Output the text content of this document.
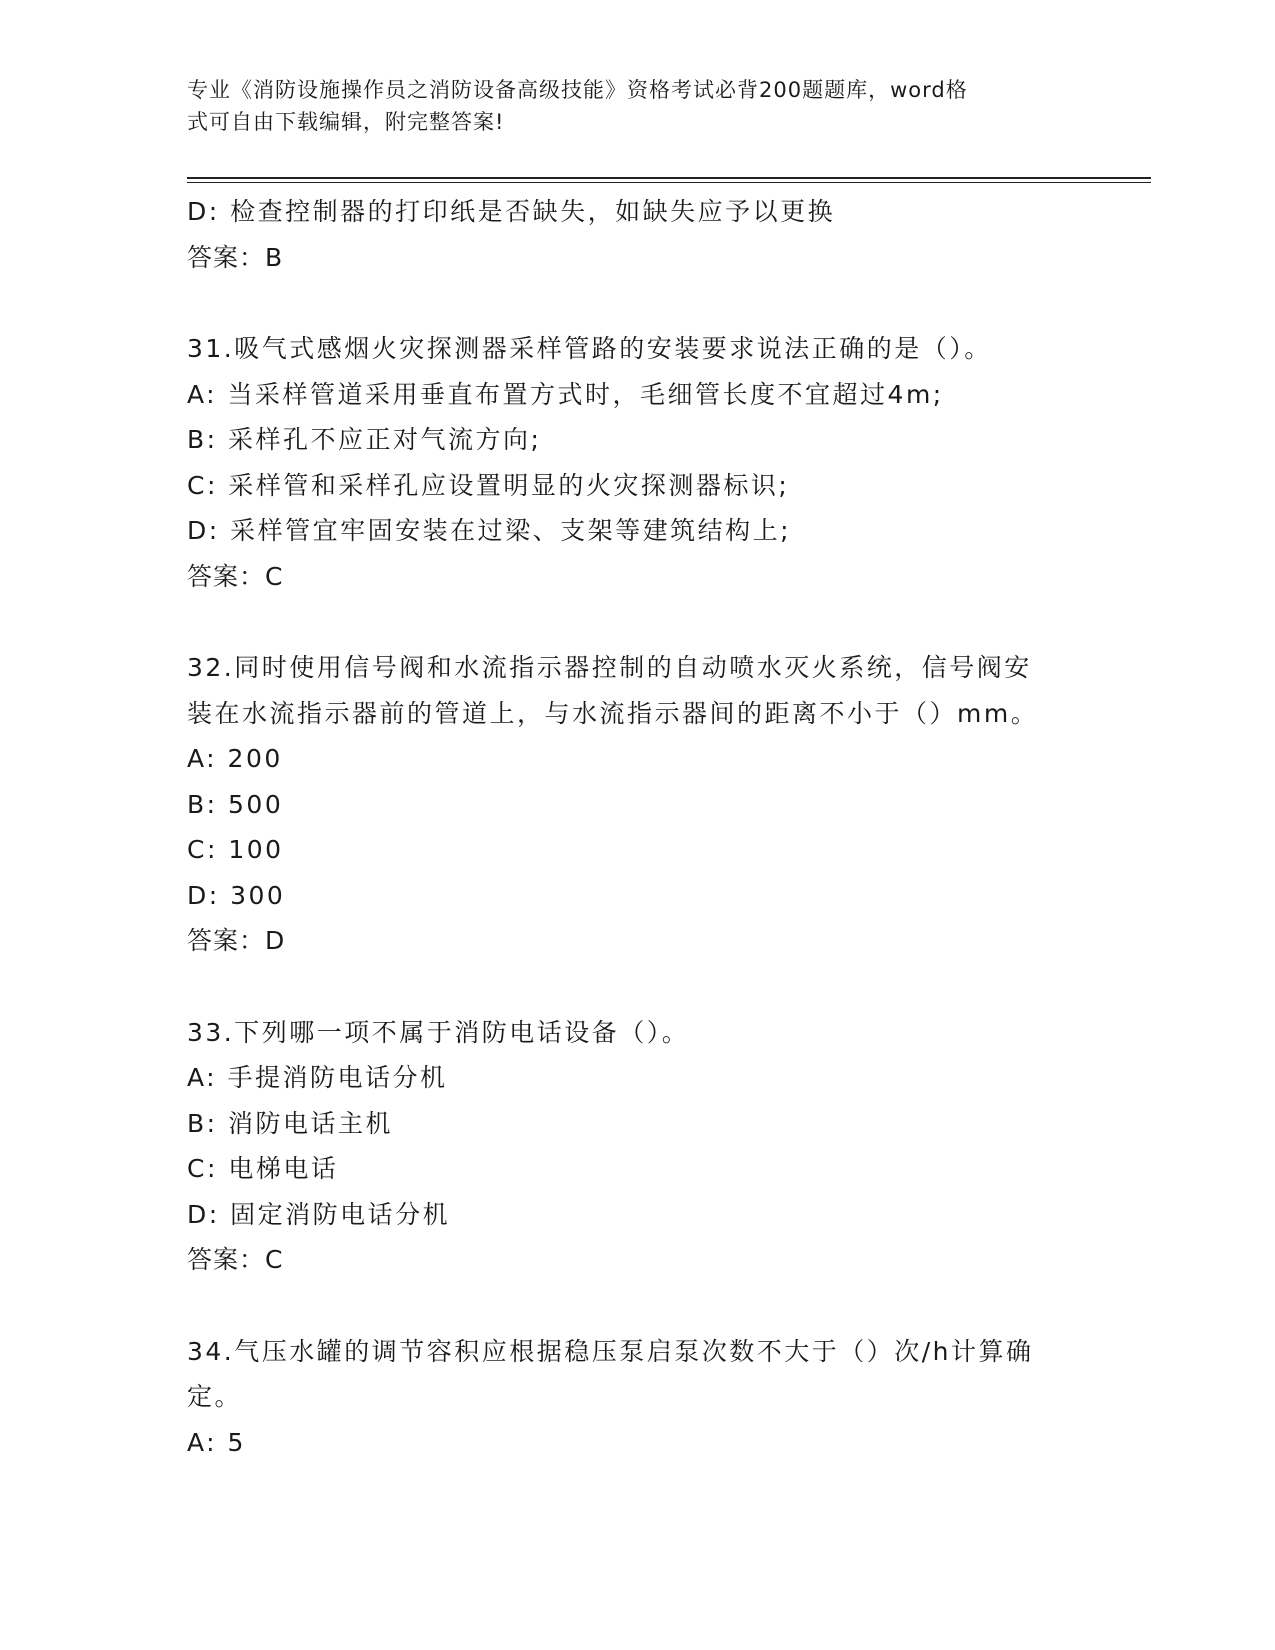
专业《消防设施操作员之消防设备高级技能》资格考试必背200题题库，word格
式可自由下载编辑，附完整答案!
D: 检查控制器的打印纸是否缺失，如缺失应予以更换
答案：B
31.吸气式感烟火灾探测器采样管路的安装要求说法正确的是（）。
A: 当采样管道采用垂直布置方式时，毛细管长度不宜超过4m;
B: 采样孔不应正对气流方向;
C: 采样管和采样孔应设置明显的火灾探测器标识;
D: 采样管宜牢固安装在过梁、支架等建筑结构上;
答案：C
32.同时使用信号阀和水流指示器控制的自动喷水灭火系统，信号阀安
装在水流指示器前的管道上，与水流指示器间的距离不小于（）mm。
A: 200
B: 500
C: 100
D: 300
答案：D
33.下列哪一项不属于消防电话设备（）。
A: 手提消防电话分机
B: 消防电话主机
C: 电梯电话
D: 固定消防电话分机
答案：C
34.气压水罐的调节容积应根据稳压泵启泵次数不大于（）次/h计算确
定。
A: 5
